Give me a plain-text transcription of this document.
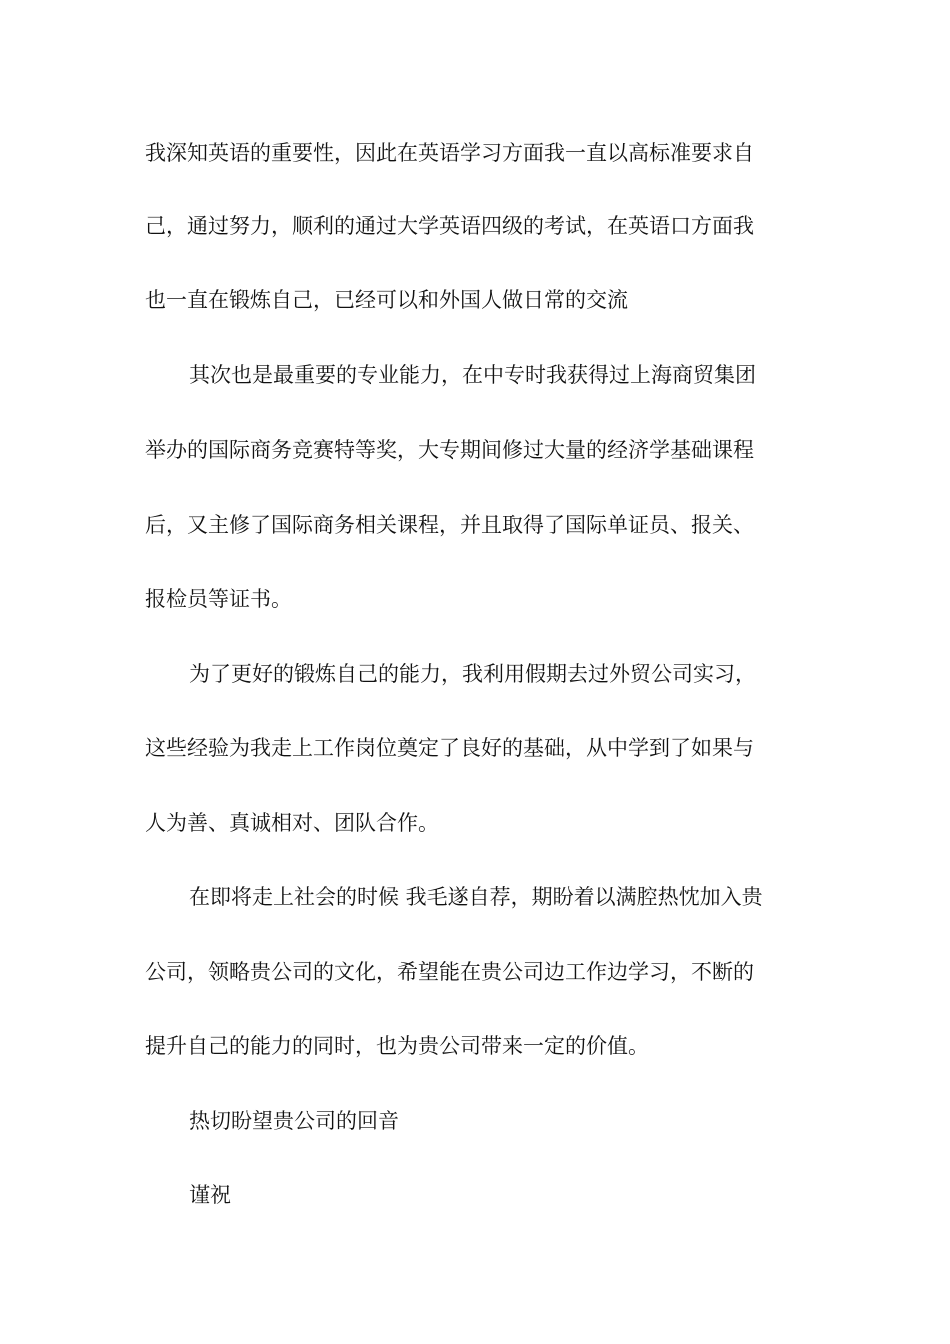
我深知英语的重要性，因此在英语学习方面我一直以高标准要求自
己，通过努力，顺利的通过大学英语四级的考试，在英语口方面我
也一直在锻炼自己，已经可以和外国人做日常的交流
其次也是最重要的专业能力，在中专时我获得过上海商贸集团
举办的国际商务竞赛特等奖，大专期间修过大量的经济学基础课程
后，又主修了国际商务相关课程，并且取得了国际单证员、报关、
报检员等证书。
为了更好的锻炼自己的能力，我利用假期去过外贸公司实习，
这些经验为我走上工作岗位奠定了良好的基础，从中学到了如果与
人为善、真诚相对、团队合作。
在即将走上社会的时候 我毛遂自荐，期盼着以满腔热忱加入贵
公司，领略贵公司的文化，希望能在贵公司边工作边学习，不断的
提升自己的能力的同时，也为贵公司带来一定的价值。
热切盼望贵公司的回音
谨祝
